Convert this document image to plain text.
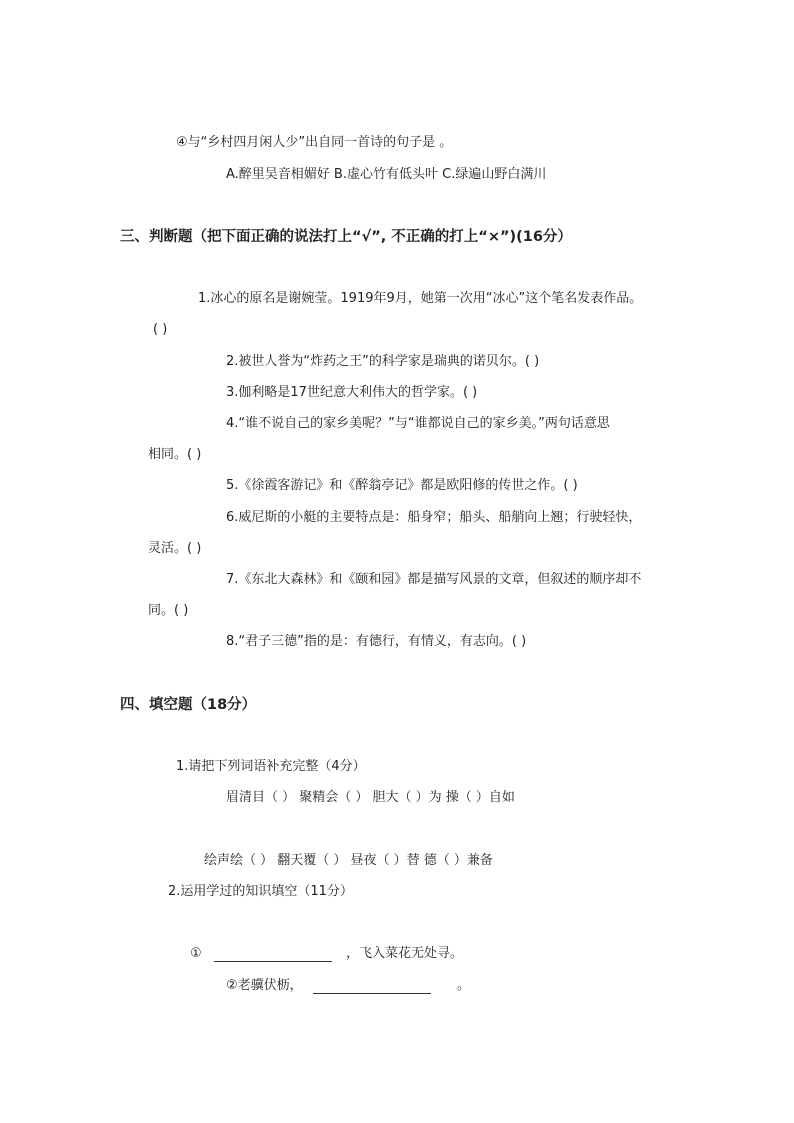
④与“乡村四月闲人少”出自同一首诗的句子是 。
A.醉里吴音相媚好 B.虚心竹有低头叶 C.绿遍山野白满川
三、判断题（把下面正确的说法打上“√”, 不正确的打上“×”)(16分）
1.冰心的原名是谢婉莹。1919年9月，她第一次用“冰心”这个笔名发表作品。
( )
2.被世人誉为“炸药之王”的科学家是瑞典的诺贝尔。( )
3.伽利略是17世纪意大利伟大的哲学家。( )
4.“谁不说自己的家乡美呢？”与“谁都说自己的家乡美。”两句话意思
相同。( )
5.《徐霞客游记》和《醉翁亭记》都是欧阳修的传世之作。( )
6.威尼斯的小艇的主要特点是：船身窄；船头、船艄向上翘；行驶轻快，
灵活。( )
7.《东北大森林》和《颐和园》都是描写风景的文章，但叙述的顺序却不
同。( )
8.“君子三德”指的是：有德行，有情义，有志向。( )
四、填空题（18分）
1.请把下列词语补充完整（4分）
眉清目（ ） 聚精会（ ） 胆大（ ）为 操（ ）自如
绘声绘（ ） 翻天覆（ ） 昼夜（ ）替 德（ ）兼备
2.运用学过的知识填空（11分）
①	，飞入菜花无处寻。
②老骥伏枥，	。
